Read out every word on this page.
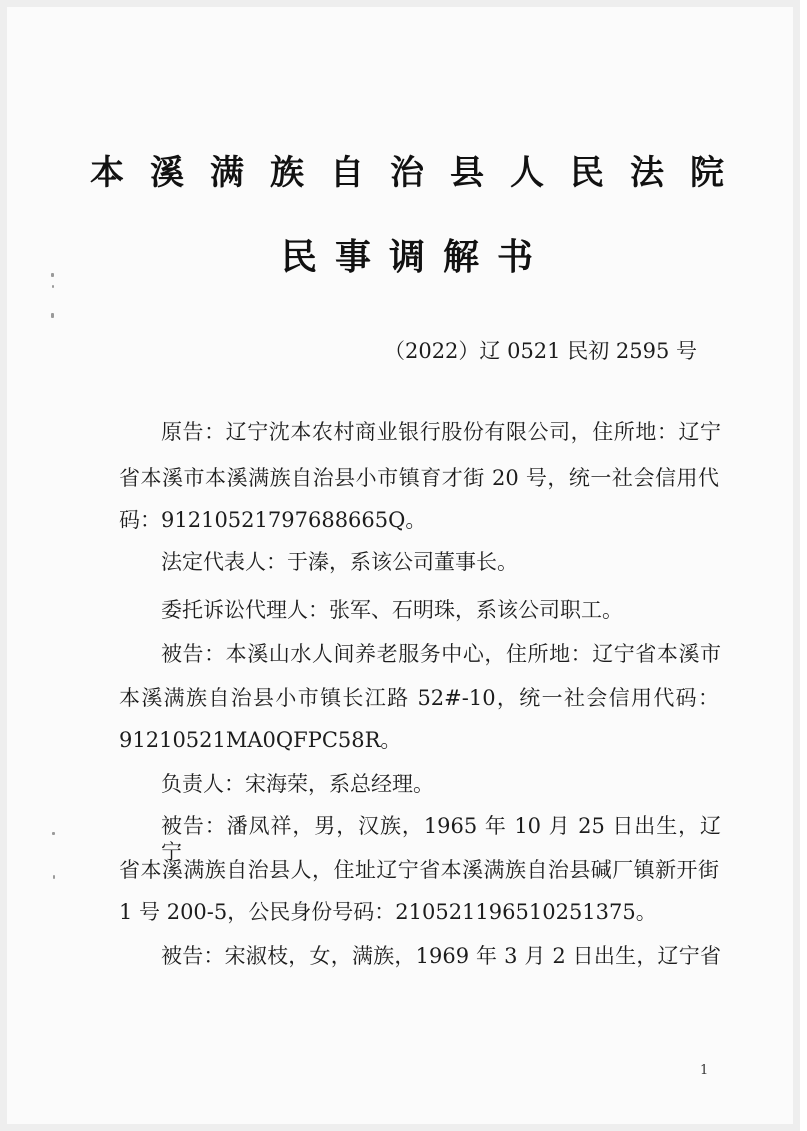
本溪满族自治县人民法院
民事调解书
（2022）辽 0521 民初 2595 号
原告：辽宁沈本农村商业银行股份有限公司，住所地：辽宁
省本溪市本溪满族自治县小市镇育才街 20 号，统一社会信用代
码：91210521797688665Q。
法定代表人：于溱，系该公司董事长。
委托诉讼代理人：张军、石明珠，系该公司职工。
被告：本溪山水人间养老服务中心，住所地：辽宁省本溪市
本溪满族自治县小市镇长江路 52#-10，统一社会信用代码：
91210521MA0QFPC58R。
负责人：宋海荣，系总经理。
被告：潘凤祥，男，汉族，1965 年 10 月 25 日出生，辽宁
省本溪满族自治县人，住址辽宁省本溪满族自治县碱厂镇新开街
1 号 200-5，公民身份号码：210521196510251375。
被告：宋淑枝，女，满族，1969 年 3 月 2 日出生，辽宁省
1
